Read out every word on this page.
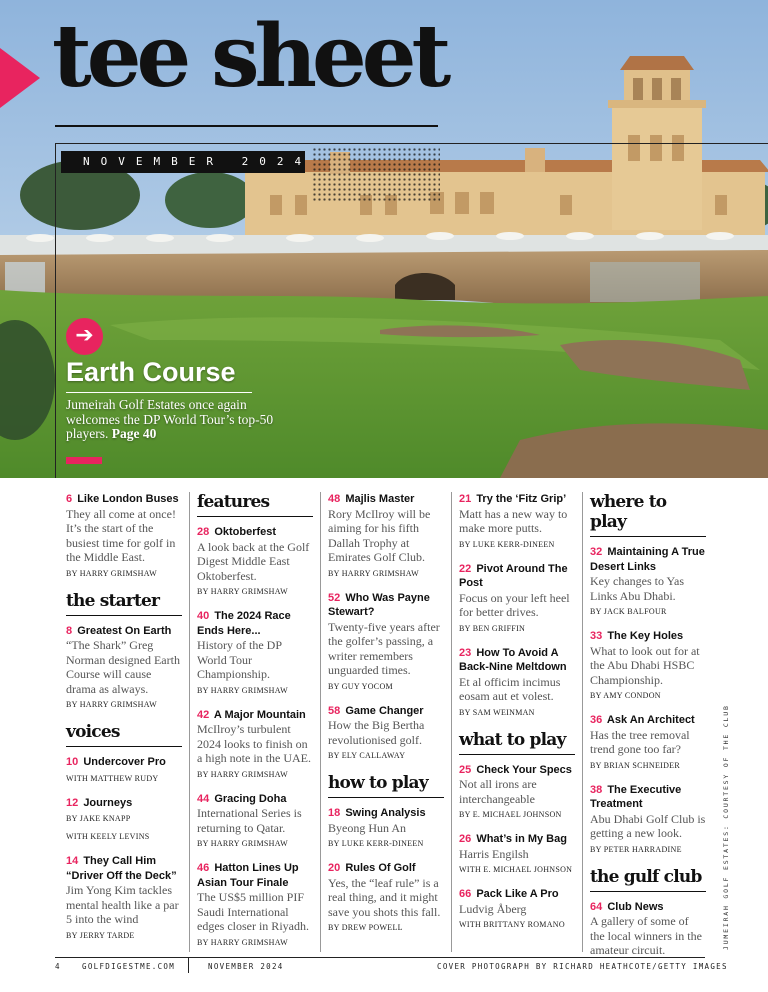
tee sheet
NOVEMBER 2024
➔
Earth Course
Jumeirah Golf Estates once again welcomes the DP World Tour’s top-50 players. Page 40
6 Like London Buses
They all come at once! It’s the start of the busiest time for golf in the Middle East.
BY HARRY GRIMSHAW
the starter
8 Greatest On Earth
“The Shark” Greg Norman designed Earth Course will cause drama as always.
BY HARRY GRIMSHAW
voices
10 Undercover Pro
WITH MATTHEW RUDY
12 Journeys
BY JAKE KNAPP
WITH KEELY LEVINS
14 They Call Him “Driver Off the Deck”
Jim Yong Kim tackles mental health like a par 5 into the wind
BY JERRY TARDE
features
28 Oktoberfest
A look back at the Golf Digest Middle East Oktoberfest.
BY HARRY GRIMSHAW
40 The 2024 Race Ends Here...
History of the DP World Tour Championship.
BY HARRY GRIMSHAW
42 A Major Mountain
McIlroy’s turbulent 2024 looks to finish on a high note in the UAE.
BY HARRY GRIMSHAW
44 Gracing Doha
International Series is returning to Qatar.
BY HARRY GRIMSHAW
46 Hatton Lines Up Asian Tour Finale
The US$5 million PIF Saudi International edges closer in Riyadh.
BY HARRY GRIMSHAW
48 Majlis Master
Rory McIlroy will be aiming for his fifth Dallah Trophy at Emirates Golf Club.
BY HARRY GRIMSHAW
52 Who Was Payne Stewart?
Twenty-five years after the golfer’s passing, a writer remembers unguarded times.
BY GUY YOCOM
58 Game Changer
How the Big Bertha revolutionised golf.
BY ELY CALLAWAY
how to play
18 Swing Analysis
Byeong Hun An
BY LUKE KERR-DINEEN
20 Rules Of Golf
Yes, the “leaf rule” is a real thing, and it might save you shots this fall.
BY DREW POWELL
21 Try the ‘Fitz Grip’
Matt has a new way to make more putts.
BY LUKE KERR-DINEEN
22 Pivot Around The Post
Focus on your left heel for better drives.
BY BEN GRIFFIN
23 How To Avoid A Back-Nine Meltdown
Et al officim incimus eosam aut et volest.
BY SAM WEINMAN
what to play
25 Check Your Specs
Not all irons are interchangeable
BY E. MICHAEL JOHNSON
26 What’s in My Bag
Harris Engilsh
WITH E. MICHAEL JOHNSON
66 Pack Like A Pro
Ludvig Åberg
WITH BRITTANY ROMANO
where to play
32 Maintaining A True Desert Links
Key changes to Yas Links Abu Dhabi.
BY JACK BALFOUR
33 The Key Holes
What to look out for at the Abu Dhabi HSBC Championship.
BY AMY CONDON
36 Ask An Architect
Has the tree removal trend gone too far?
BY BRIAN SCHNEIDER
38 The Executive Treatment
Abu Dhabi Golf Club is getting a new look.
BY PETER HARRADINE
the gulf club
64 Club News
A gallery of some of the local winners in the amateur circuit.	JUMEIRAH GOLF ESTATES: COURTESY OF THE CLUB
4	GOLFDIGESTME.COM	NOVEMBER 2024	COVER PHOTOGRAPH BY RICHARD HEATHCOTE/GETTY IMAGES
